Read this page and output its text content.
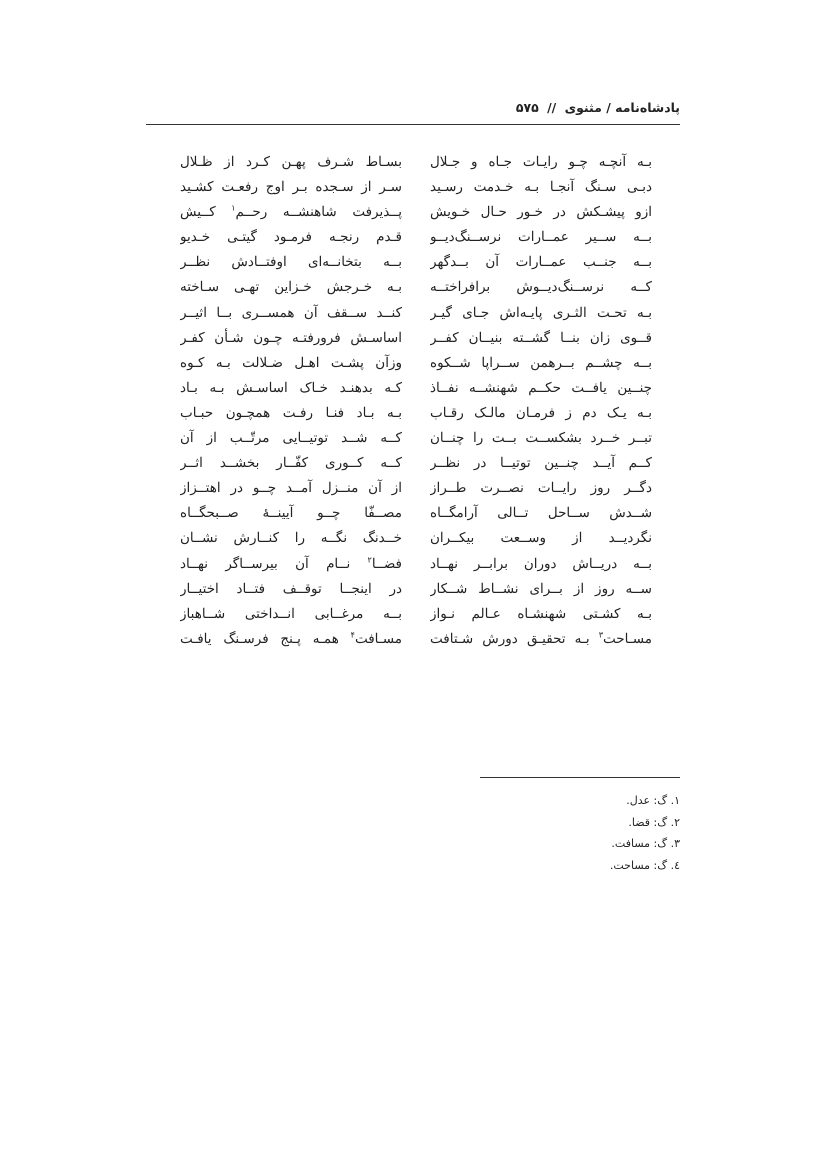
پادشاه‌نامه / مثنوی // ۵۷۵
بـه آنچـه چـو رایـات جـاه و جـلال
دبـی سـنگ آنجـا بـه خـدمت رسـید
ازو پیشـکش در خـور حـال خـویش
بــه ســیر عمــارات نرســنگ‌دیــو
بــه جنــب عمــارات آن بــدگهر
کــه نرســنگ‌دیــوش برافراختــه
بـه تحـت الثـری پایـه‌اش جـای گیـر
قــوی زان بنــا گشــته بنیــان کفــر
بــه چشــم بــرهمن ســراپا شــکوه
چنــین یافــت حکــم شهنشــه نفــاذ
بـه یـک دم ز فرمـان مالـک رقـاب
تبــر خــرد بشکســت بــت را چنــان
کــم آیــد چنــین توتیــا در نظــر
دگــر روز رایــات نصــرت طــراز
شــدش ســاحل تــالی آرامگــاه
نگردیــد از وســعت بیکــران
بــه دریــاش دوران برابــر نهــاد
ســه روز از بــرای نشــاط شــکار
بـه کشـتی شهنشـاه عـالم نـواز
مسـاحت$^۳$ بـه تحقیـق دورش شـتافت
بسـاط شـرف پهـن کـرد از ظـلال
سـر از سـجده بـر اوج رفعـت کشـید
پــذیرفت شاهنشــه رحــم$^۱$ کــیش
قـدم رنجـه فرمـود گیتـی خـدیو
بــه بتخانــه‌ای اوفتــادش نظــر
بـه خـرجش خـزاین تهـی سـاخته
کنــد ســقف آن همســری بــا اثیــر
اساسـش فرورفتـه چـون شـأن کفـر
وزآن پشـت اهـل ضـلالت بـه کـوه
کـه بدهنـد خـاک اساسـش بـه بـاد
بـه بـاد فنـا رفـت همچـون حبـاب
کــه شــد توتیــایی مرتّــب از آن
کــه کــوری کفّــار بخشــد اثــر
از آن منــزل آمــد چــو در اهتــزاز
مصــفّا چــو آیینــهٔ صــبحگــاه
خــدنگ نگــه را کنــارش نشــان
فضــا$^۲$ نــام آن بیرســاگر نهــاد
در اینجــا توقــف فتــاد اختیــار
بــه مرغــابی انــداختی شــاهباز
مسـافت$^۴$ همـه پـنج فرسـنگ یافـت
۱. گ: عدل.
۲. گ: قضا.
۳. گ: مسافت.
٤. گ: مساحت.
